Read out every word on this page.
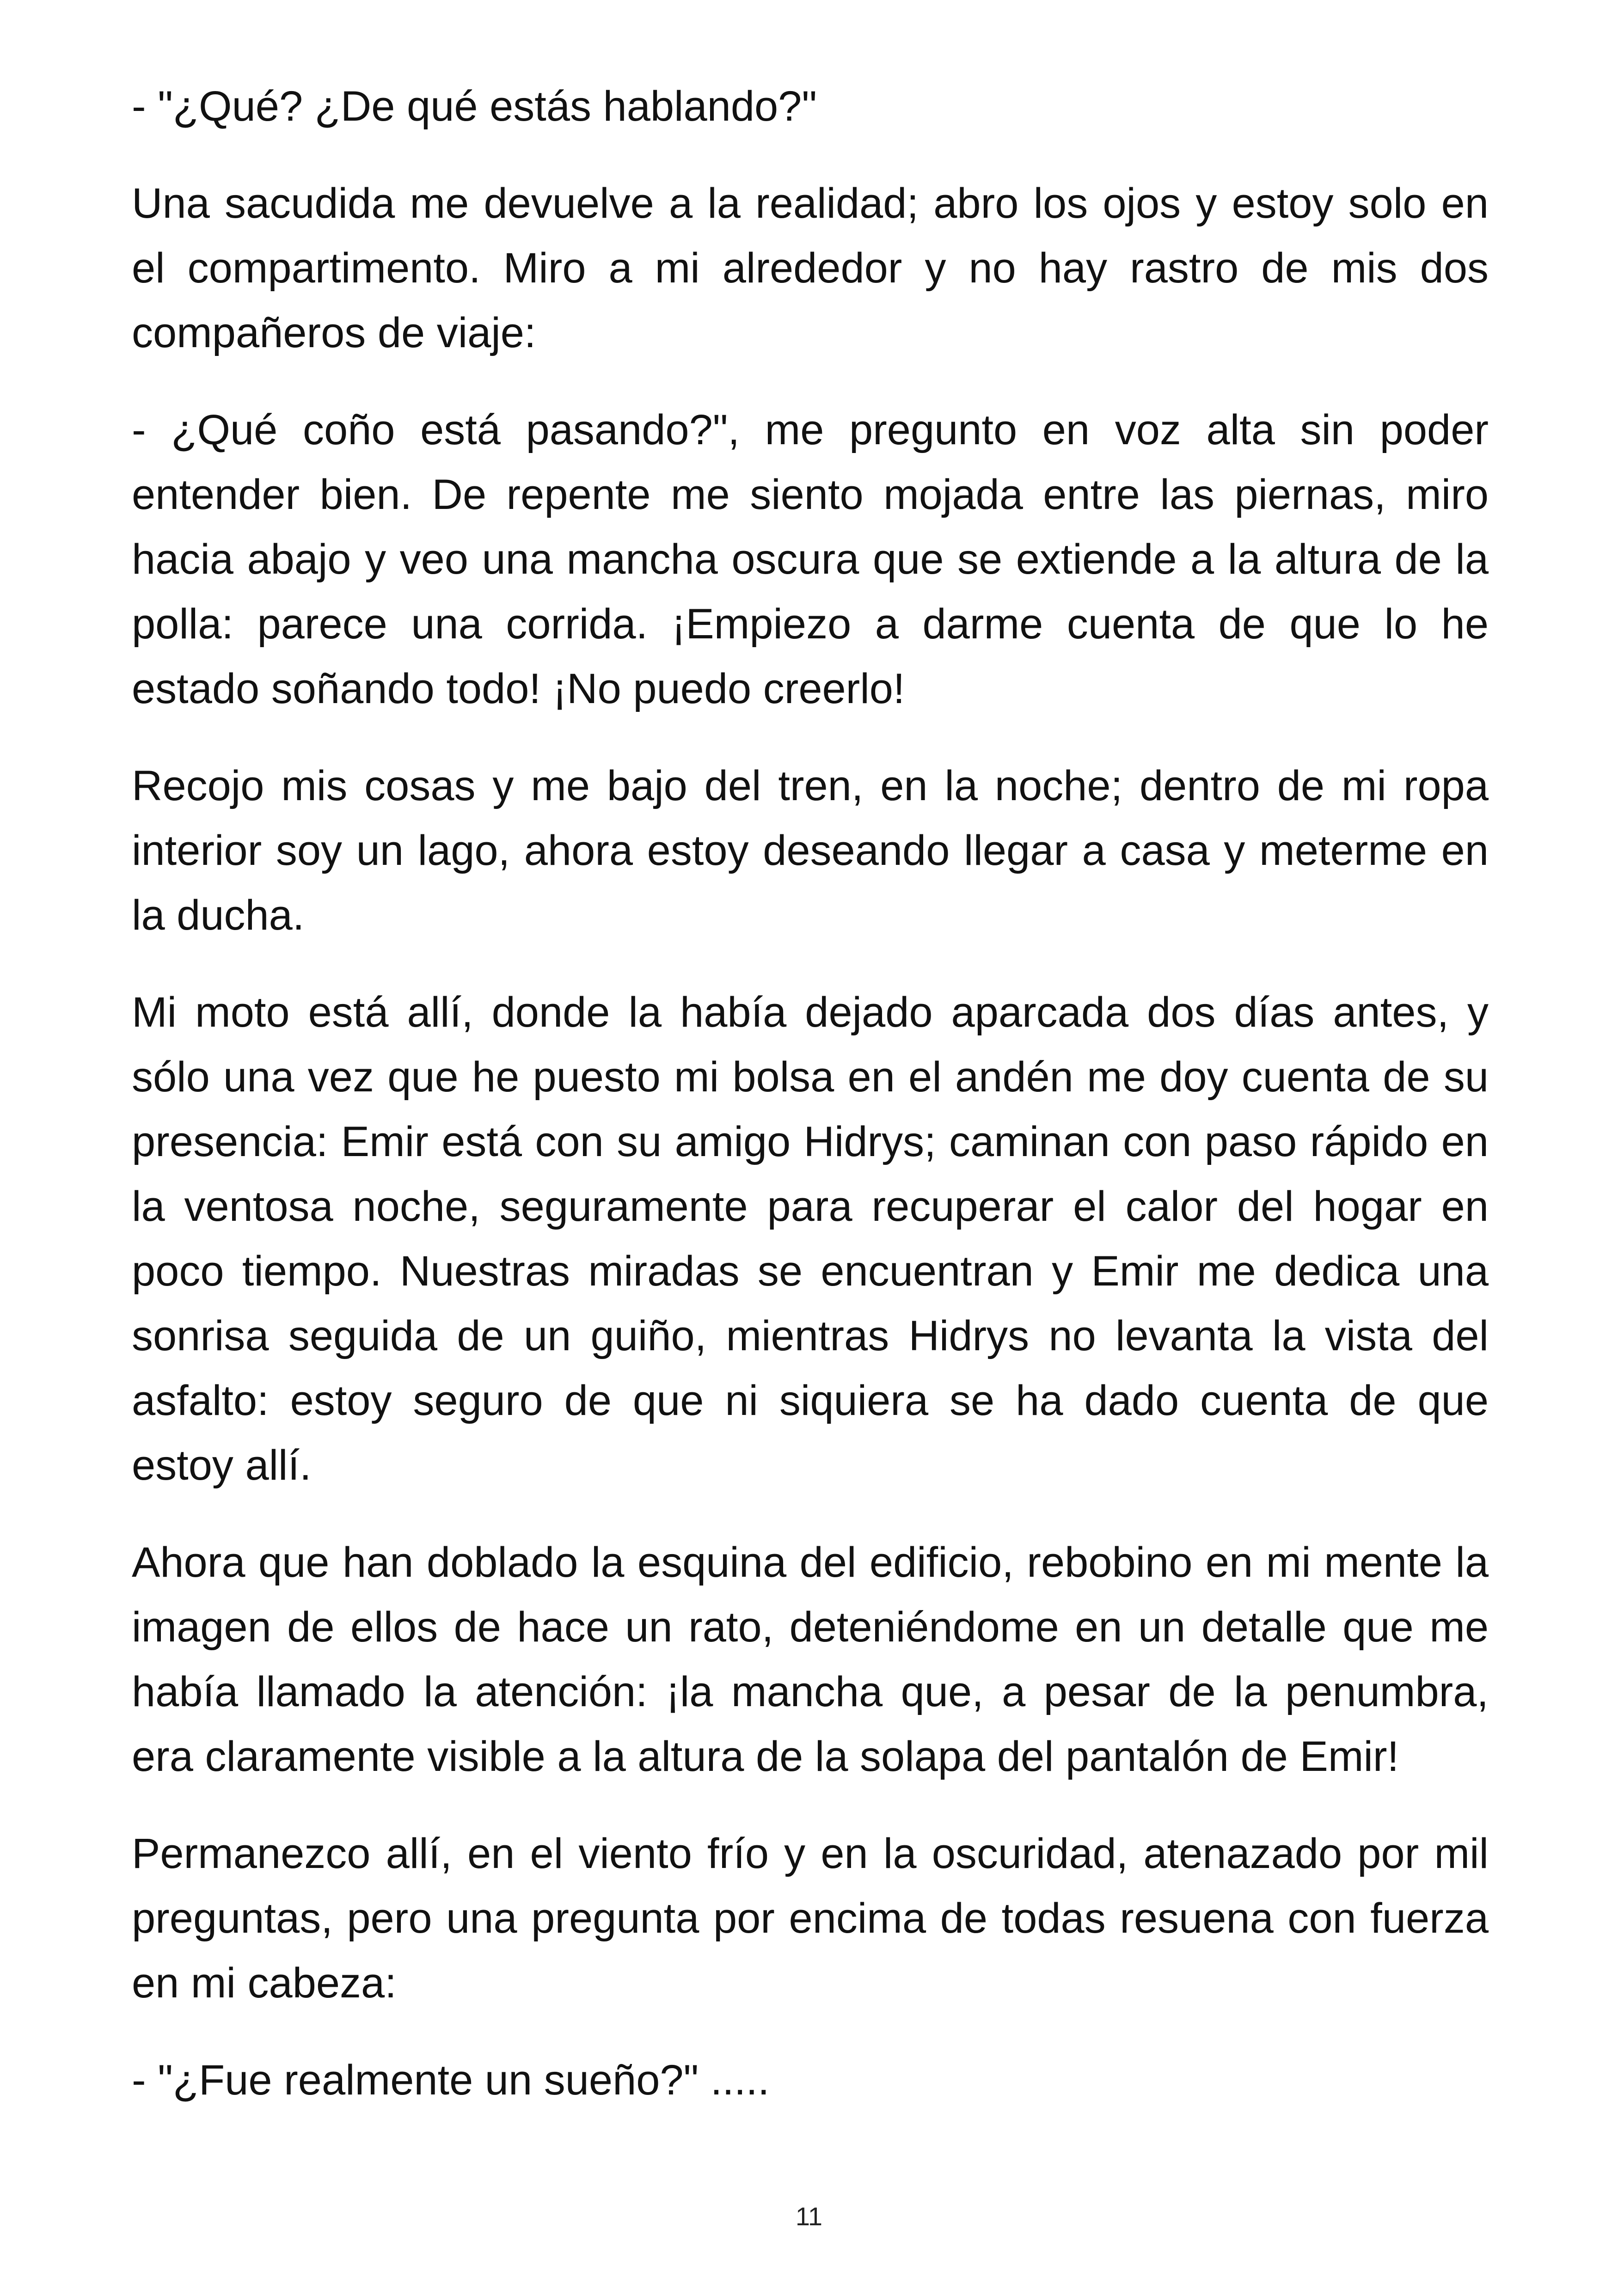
- "¿Qué? ¿De qué estás hablando?"

Una sacudida me devuelve a la realidad; abro los ojos y estoy solo en el compartimento. Miro a mi alrededor y no hay rastro de mis dos compañeros de viaje:

- ¿Qué coño está pasando?", me pregunto en voz alta sin poder entender bien. De repente me siento mojada entre las piernas, miro hacia abajo y veo una mancha oscura que se extiende a la altura de la polla: parece una corrida. ¡Empiezo a darme cuenta de que lo he estado soñando todo! ¡No puedo creerlo!

Recojo mis cosas y me bajo del tren, en la noche; dentro de mi ropa interior soy un lago, ahora estoy deseando llegar a casa y meterme en la ducha.

Mi moto está allí, donde la había dejado aparcada dos días antes, y sólo una vez que he puesto mi bolsa en el andén me doy cuenta de su presencia: Emir está con su amigo Hidrys; caminan con paso rápido en la ventosa noche, seguramente para recuperar el calor del hogar en poco tiempo. Nuestras miradas se encuentran y Emir me dedica una sonrisa seguida de un guiño, mientras Hidrys no levanta la vista del asfalto: estoy seguro de que ni siquiera se ha dado cuenta de que estoy allí.

Ahora que han doblado la esquina del edificio, rebobino en mi mente la imagen de ellos de hace un rato, deteniéndome en un detalle que me había llamado la atención: ¡la mancha que, a pesar de la penumbra, era claramente visible a la altura de la solapa del pantalón de Emir!

Permanezco allí, en el viento frío y en la oscuridad, atenazado por mil preguntas, pero una pregunta por encima de todas resuena con fuerza en mi cabeza:

- "¿Fue realmente un sueño?" .....

11
